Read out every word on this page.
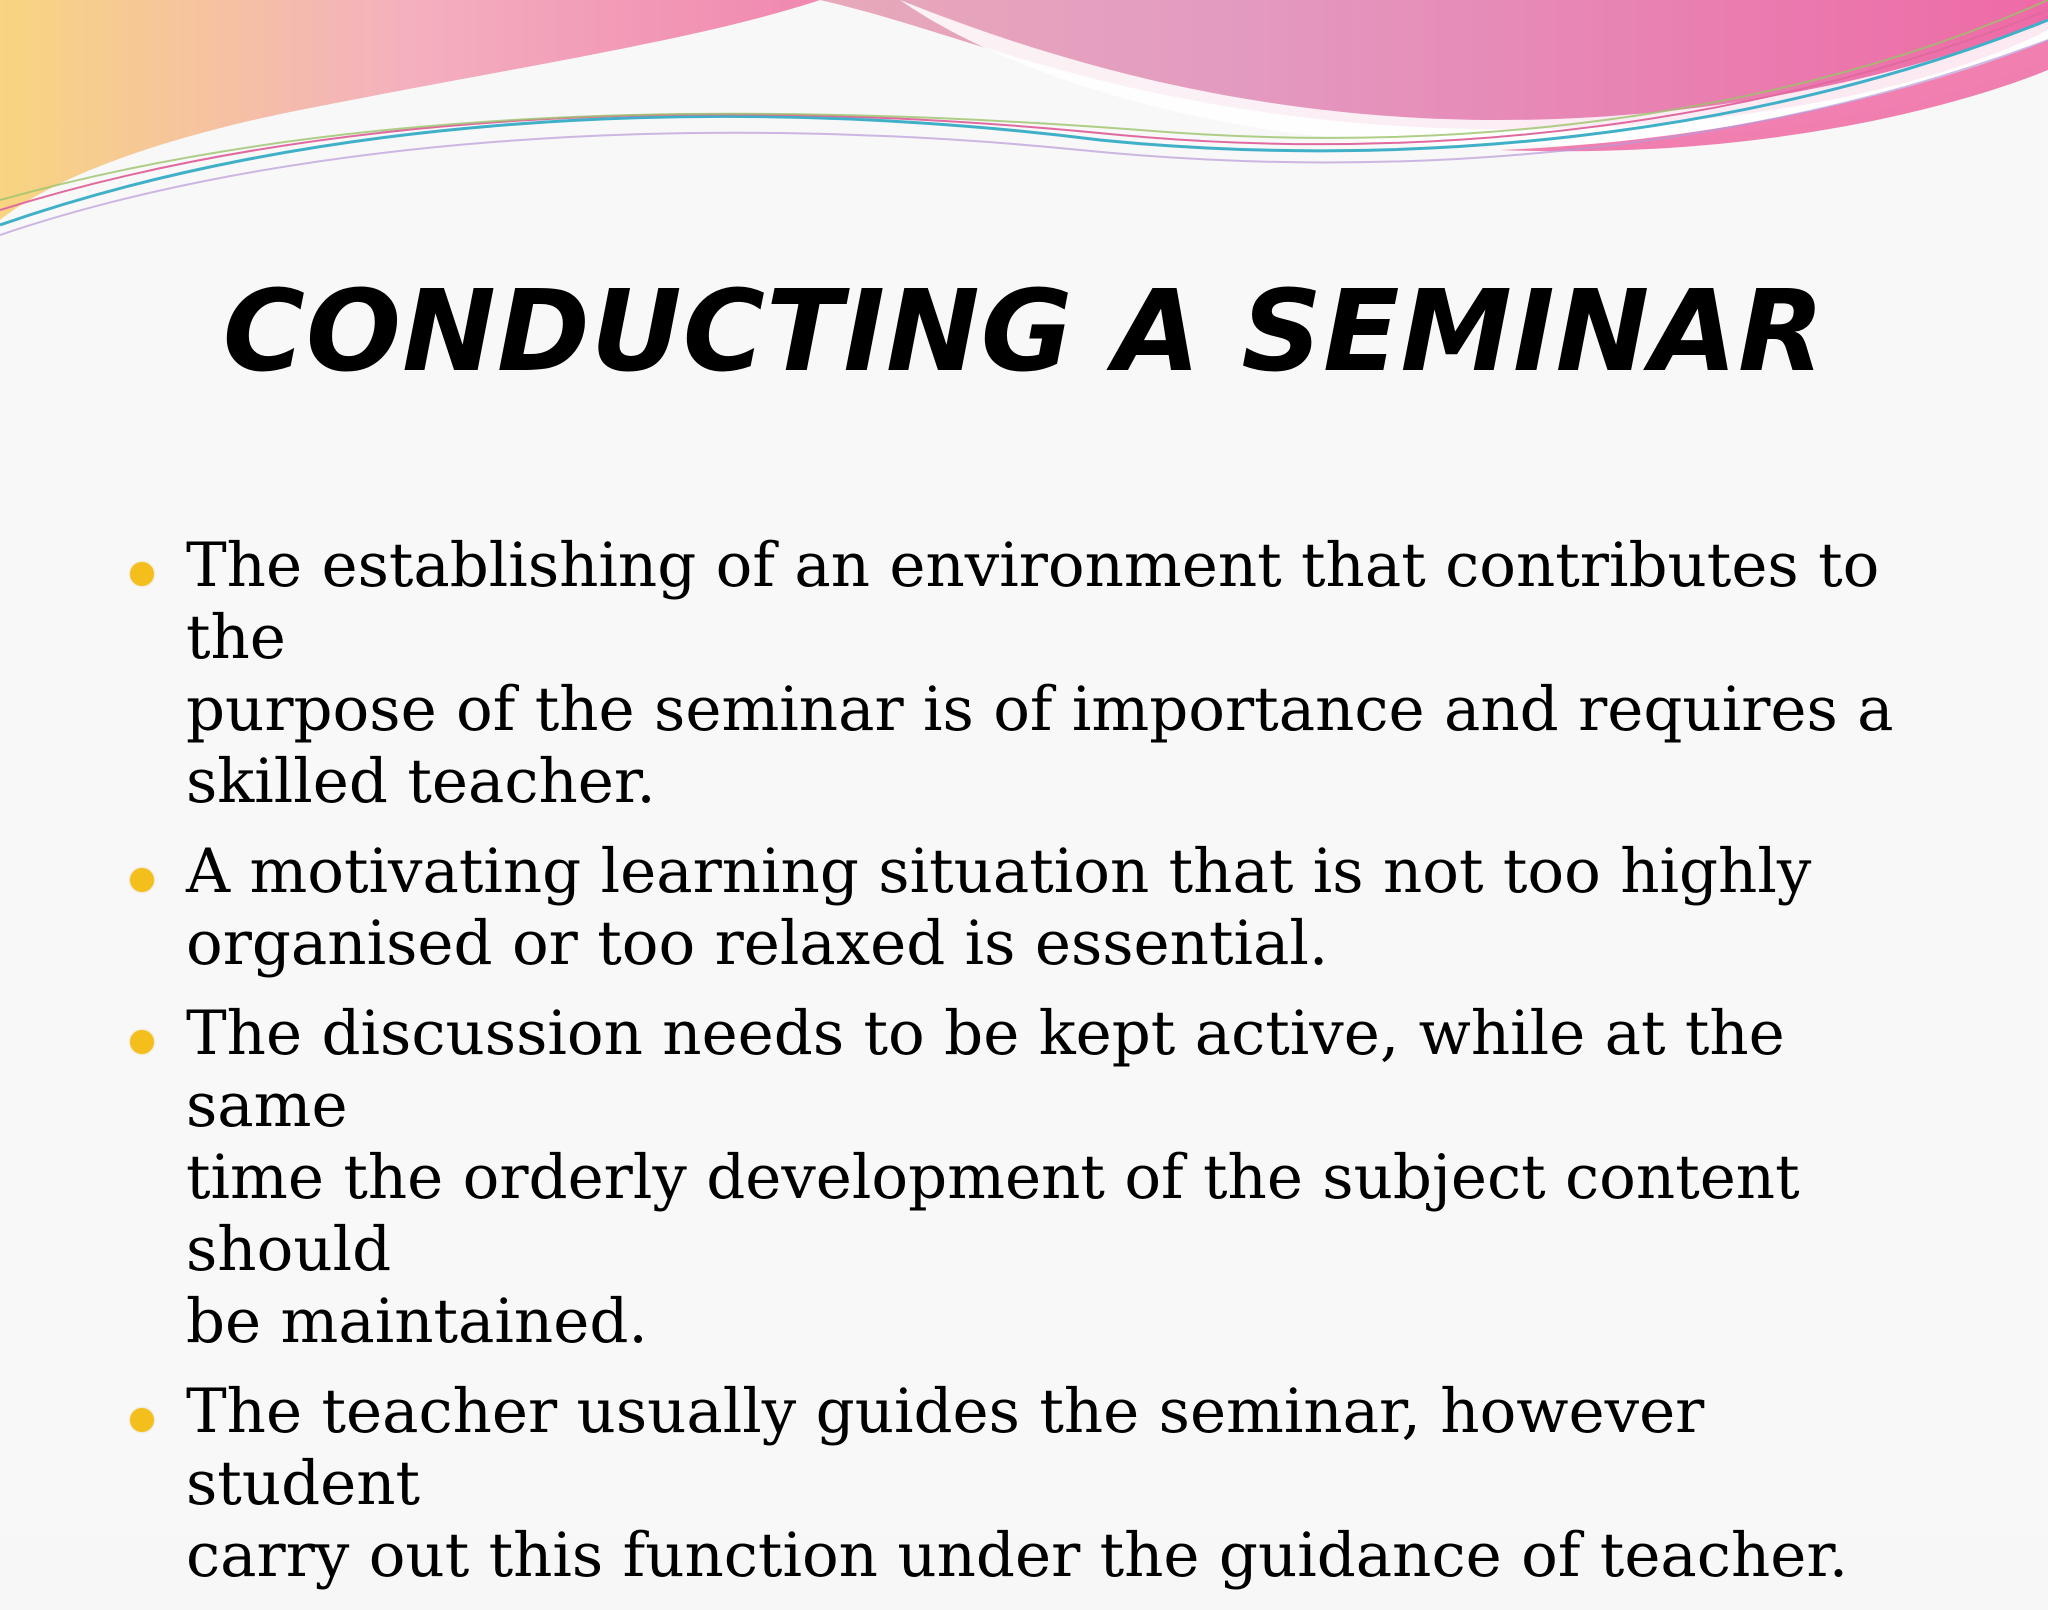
CONDUCTING A SEMINAR
The establishing of an environment that contributes to the
purpose of the seminar is of importance and requires a
skilled teacher.
A motivating learning situation that is not too highly
organised or too relaxed is essential.
The discussion needs to be kept active, while at the same
time the orderly development of the subject content should
be maintained.
The teacher usually guides the seminar, however student
carry out this function under the guidance of teacher.
